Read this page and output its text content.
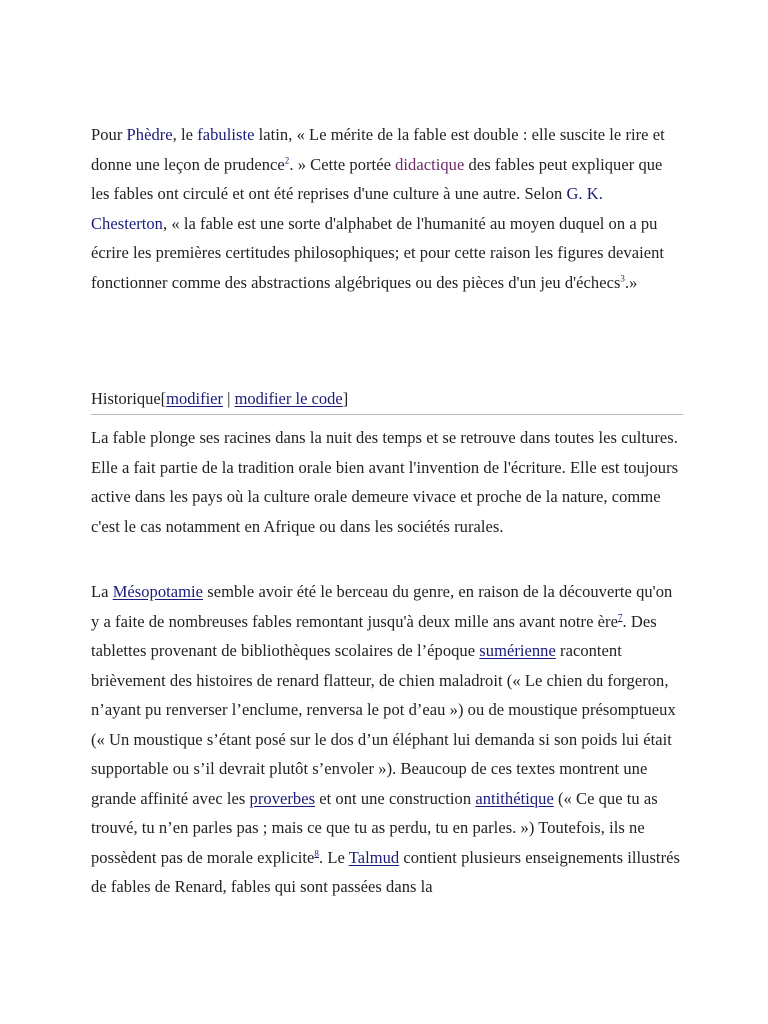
Pour Phèdre, le fabuliste latin, « Le mérite de la fable est double : elle suscite le rire et donne une leçon de prudence$^2$. » Cette portée didactique des fables peut expliquer que les fables ont circulé et ont été reprises d'une culture à une autre. Selon G. K. Chesterton, « la fable est une sorte d'alphabet de l'humanité au moyen duquel on a pu écrire les premières certitudes philosophiques; et pour cette raison les figures devaient fonctionner comme des abstractions algébriques ou des pièces d'un jeu d'échecs$^3$.»

Historique[modifier | modifier le code]

La fable plonge ses racines dans la nuit des temps et se retrouve dans toutes les cultures. Elle a fait partie de la tradition orale bien avant l'invention de l'écriture. Elle est toujours active dans les pays où la culture orale demeure vivace et proche de la nature, comme c'est le cas notamment en Afrique ou dans les sociétés rurales.

La Mésopotamie semble avoir été le berceau du genre, en raison de la découverte qu'on y a faite de nombreuses fables remontant jusqu'à deux mille ans avant notre ère$^7$. Des tablettes provenant de bibliothèques scolaires de l’époque sumérienne racontent brièvement des histoires de renard flatteur, de chien maladroit (« Le chien du forgeron, n’ayant pu renverser l’enclume, renversa le pot d’eau ») ou de moustique présomptueux (« Un moustique s’étant posé sur le dos d’un éléphant lui demanda si son poids lui était supportable ou s’il devrait plutôt s’envoler »). Beaucoup de ces textes montrent une grande affinité avec les proverbes et ont une construction antithétique (« Ce que tu as trouvé, tu n’en parles pas ; mais ce que tu as perdu, tu en parles. ») Toutefois, ils ne possèdent pas de morale explicite$^8$. Le Talmud contient plusieurs enseignements illustrés de fables de Renard, fables qui sont passées dans la
